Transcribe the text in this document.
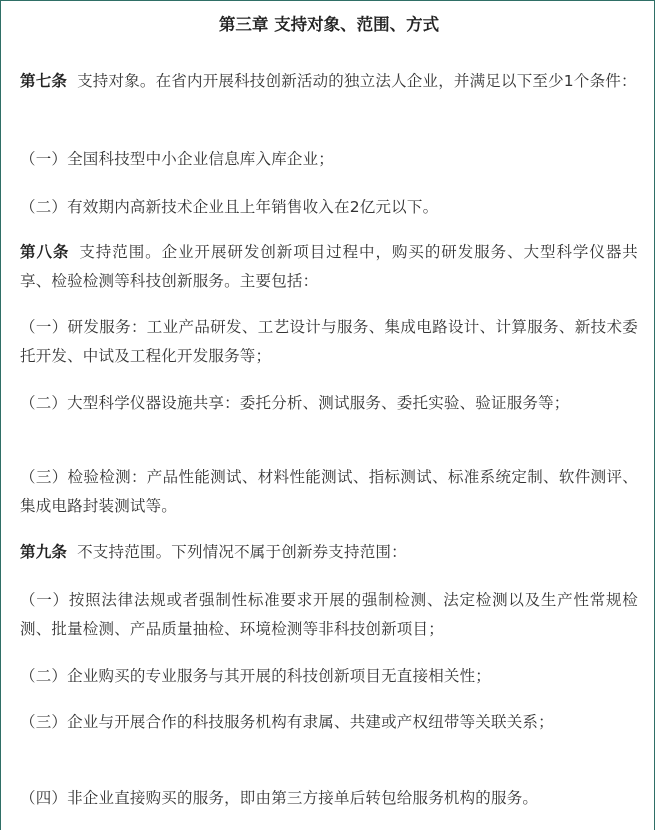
第三章 支持对象、范围、方式
第七条 支持对象。在省内开展科技创新活动的独立法人企业，并满足以下至少1个条件：
（一）全国科技型中小企业信息库入库企业；
（二）有效期内高新技术企业且上年销售收入在2亿元以下。
第八条 支持范围。企业开展研发创新项目过程中，购买的研发服务、大型科学仪器共享、检验检测等科技创新服务。主要包括：
（一）研发服务：工业产品研发、工艺设计与服务、集成电路设计、计算服务、新技术委托开发、中试及工程化开发服务等；
（二）大型科学仪器设施共享：委托分析、测试服务、委托实验、验证服务等；
（三）检验检测：产品性能测试、材料性能测试、指标测试、标准系统定制、软件测评、集成电路封装测试等。
第九条 不支持范围。下列情况不属于创新券支持范围：
（一）按照法律法规或者强制性标准要求开展的强制检测、法定检测以及生产性常规检测、批量检测、产品质量抽检、环境检测等非科技创新项目；
（二）企业购买的专业服务与其开展的科技创新项目无直接相关性；
（三）企业与开展合作的科技服务机构有隶属、共建或产权纽带等关联关系；
（四）非企业直接购买的服务，即由第三方接单后转包给服务机构的服务。
